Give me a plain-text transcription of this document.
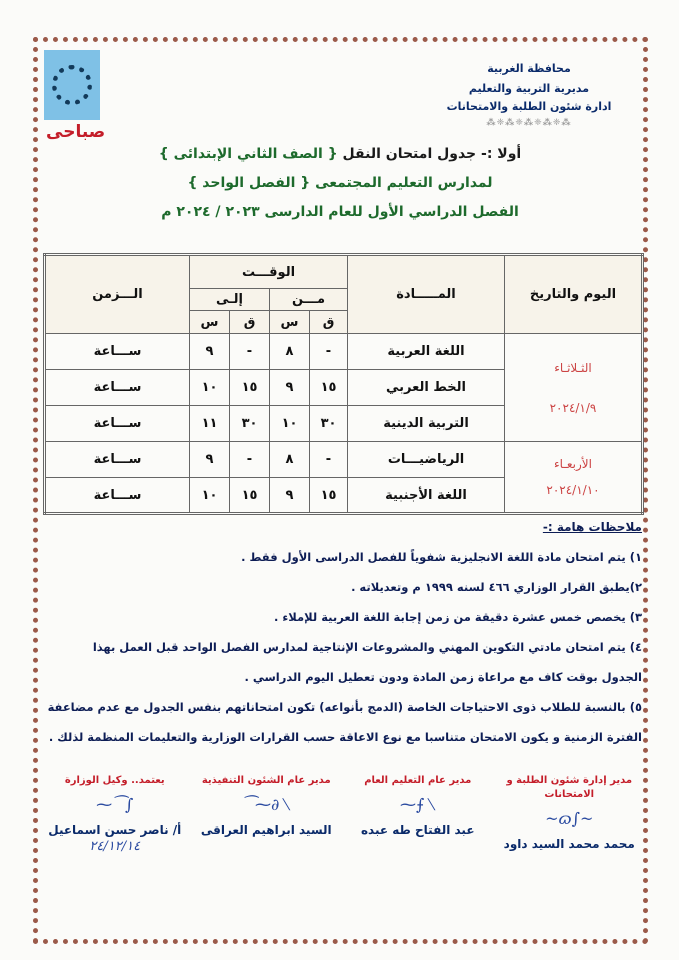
صباحى
محافظة الغربية
مديرية التربية والتعليم
ادارة شئون الطلبة والامتحانات
⁂❈⁂❈⁂❈⁂❈⁂
أولا :- جدول امتحان النقل { الصف الثاني الإبتدائى }
لمدارس التعليم المجتمعى { الفصل الواحد }
الفصل الدراسي الأول للعام الدارسى ٢٠٢٣ / ٢٠٢٤ م
اليوم والتاريخ	المـــــادة	الوقـــت				الـــزمن
		مـــن		إلـى		
		ق	س	ق	س	

الثـلاثـاء
٢٠٢٤/١/٩	اللغة العربية	-	٨	-	٩	ســـاعة
	الخط العربي	١٥	٩	١٥	١٠	ســـاعة
	التربية الدينية	٣٠	١٠	٣٠	١١	ســـاعة

الأربعـاء
٢٠٢٤/١/١٠	الرياضيـــات	-	٨	-	٩	ســـاعة
	اللغة الأجنبية	١٥	٩	١٥	١٠	ســـاعة
ملاحظات هامة :-
١) يتم امتحان مادة اللغة الانجليزية شفوياً للفصل الدراسى الأول فقط .
٢)يطبق القرار الوزاري ٤٦٦ لسنه ١٩٩٩ م وتعديلاته .
٣) يخصص خمس عشرة دقيقة من زمن إجابة اللغة العربية للإملاء .
٤) يتم امتحان مادتي التكوين المهني والمشروعات الإنتاجية لمدارس الفصل الواحد قبل العمل بهذا
الجدول بوقت كاف مع مراعاة زمن المادة ودون تعطيل اليوم الدراسي .
٥) بالنسبة للطلاب ذوى الاحتياجات الخاصة (الدمج بأنواعه) تكون امتحاناتهم بنفس الجدول مع عدم مضاعفة
الفترة الزمنية و يكون الامتحان متناسبا مع نوع الاعاقة حسب القرارات الوزارية والتعليمات المنظمة لذلك .
مدير إدارة شئون الطلبة و الامتحانات
~∫ɷ~
محمد محمد السيد داود
مدير عام التعليم العام
⟋⨍⁓
عبد الفتاح طه عبده
مدير عام الشئون التنفيذية
⟋∂⁓⁀
السيد ابراهيم العراقى
يعتمد.. وكيل الوزارة
∫⁀⁓
أ/ ناصر حسن اسماعيل
٢٤/١٢/١٤
